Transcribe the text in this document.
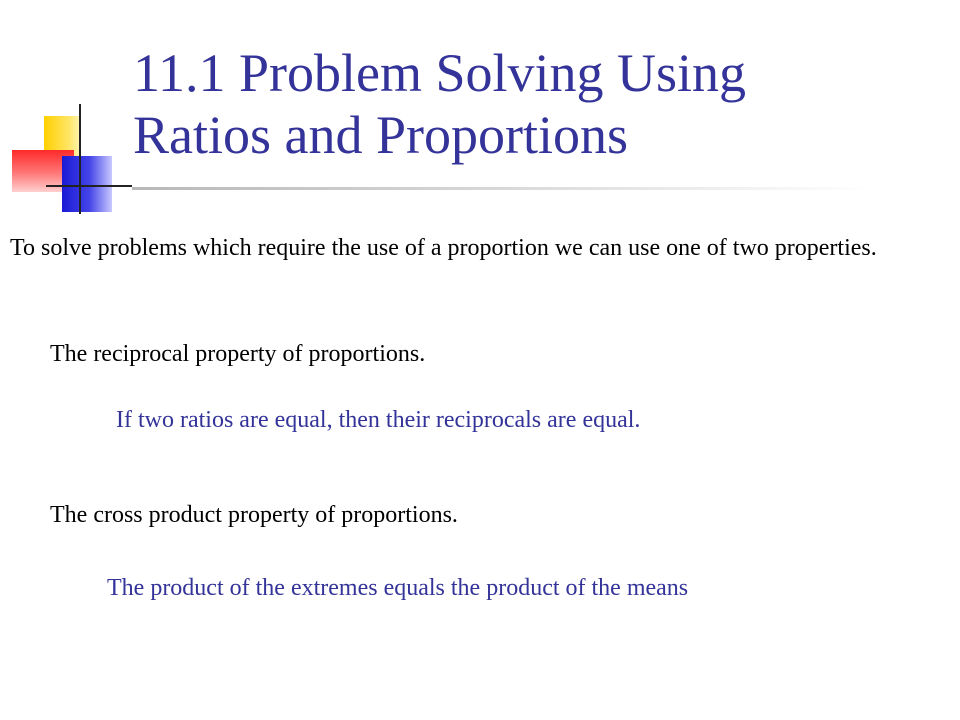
11.1 Problem Solving Using
Ratios and Proportions

To solve problems which require the use of a proportion we can use one of two properties.

The reciprocal property of proportions.

If two ratios are equal, then their reciprocals are equal.

The cross product property of proportions.

The product of the extremes equals the product of the means
